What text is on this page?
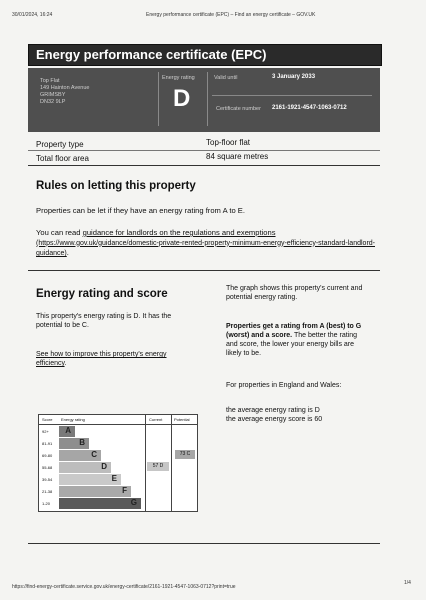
30/01/2024, 16:24	Energy performance certificate (EPC) – Find an energy certificate – GOV.UK
Energy performance certificate (EPC)
Top Flat
149 Hainton Avenue
GRIMSBY
DN32 9LP
Energy rating
D
Valid until	3 January 2033
Certificate number 2161-1921-4547-1063-0712
Property type	Top-floor flat
Total floor area	84 square metres
Rules on letting this property
Properties can be let if they have an energy rating from A to E.
You can read guidance for landlords on the regulations and exemptions
(https://www.gov.uk/guidance/domestic-private-rented-property-minimum-energy-efficiency-standard-landlord-
guidance).
Energy rating and score
This property's energy rating is D. It has the
potential to be C.
See how to improve this property's energy
efficiency.
The graph shows this property's current and
potential energy rating.
Properties get a rating from A (best) to G
(worst) and a score. The better the rating
and score, the lower your energy bills are
likely to be.
For properties in England and Wales:
the average energy rating is D
the average energy score is 60
Score Energy rating	Current	Potential
92+ A
81-91	B
69-80	C
55-68	D
39-54	E
21-38	F
1-20	G
57 D
73 C
https://find-energy-certificate.service.gov.uk/energy-certificate/2161-1921-4547-1063-0712?print=true
1/4
